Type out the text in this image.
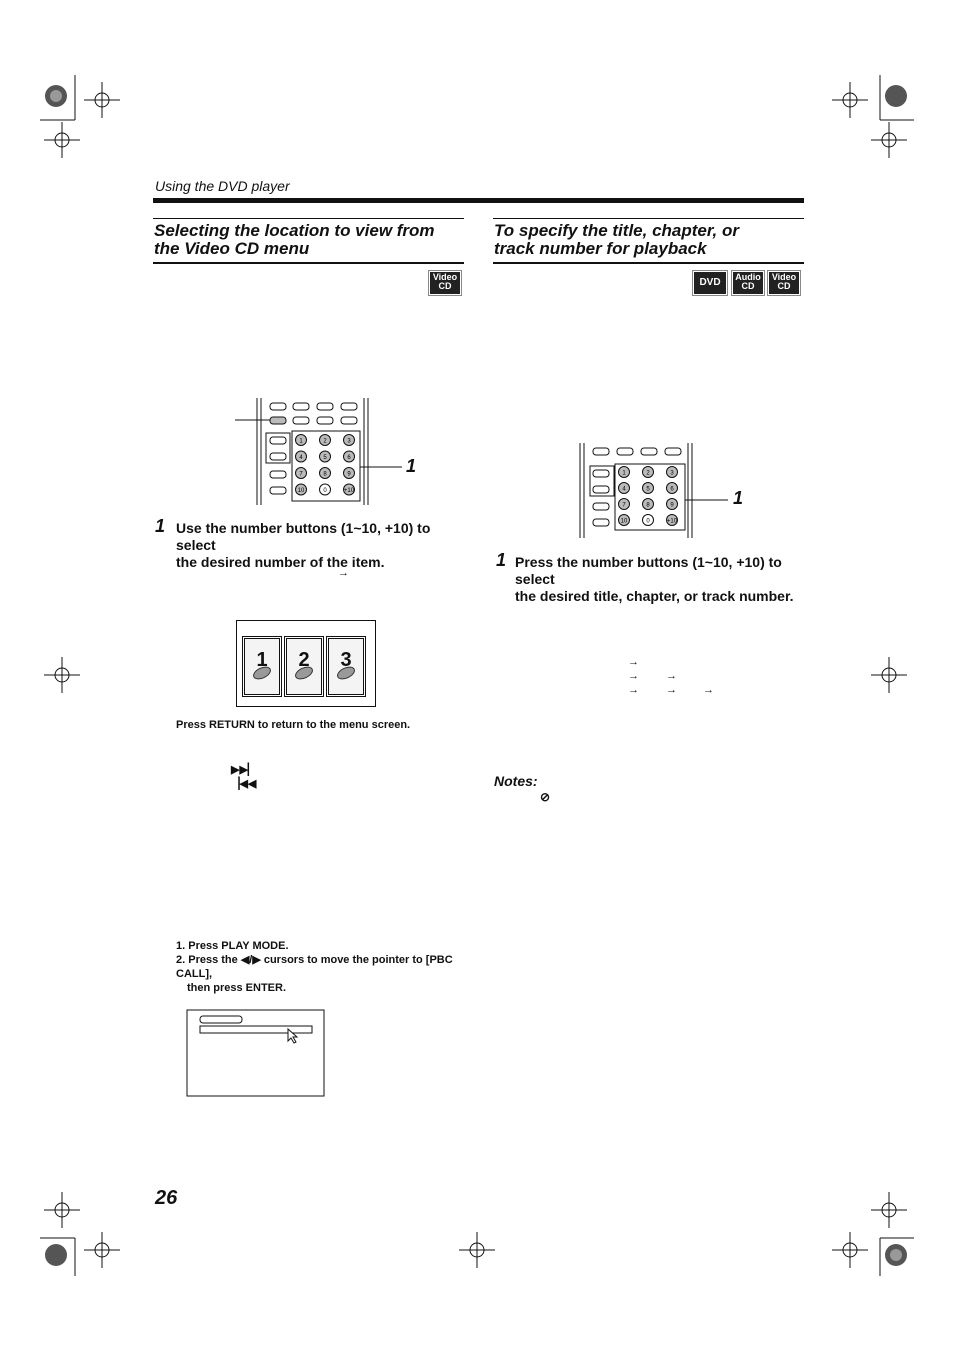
Using the DVD player
Selecting the location to view from
the Video CD menu
Video
CD
1	2	3
4	5	6
7	8	9
10	0	+10
1
1 Use the number buttons (1~10, +10) to select
the desired number of the item.
→
1	2	3
Press RETURN to return to the menu screen.
▶▶▏
▕◀◀
1. Press PLAY MODE.
2. Press the ◀/▶ cursors to move the pointer to [PBC CALL],
then press ENTER.
To specify the title, chapter, or
track number for playback
DVD	Audio
CD
Video
CD
1	2	3
4	5	6
7	8	9
10	0	+10
1
1 Press the number buttons (1~10, +10) to select
the desired title, chapter, or track number.
→
→ →
→ → →
Notes:
⊘
26
